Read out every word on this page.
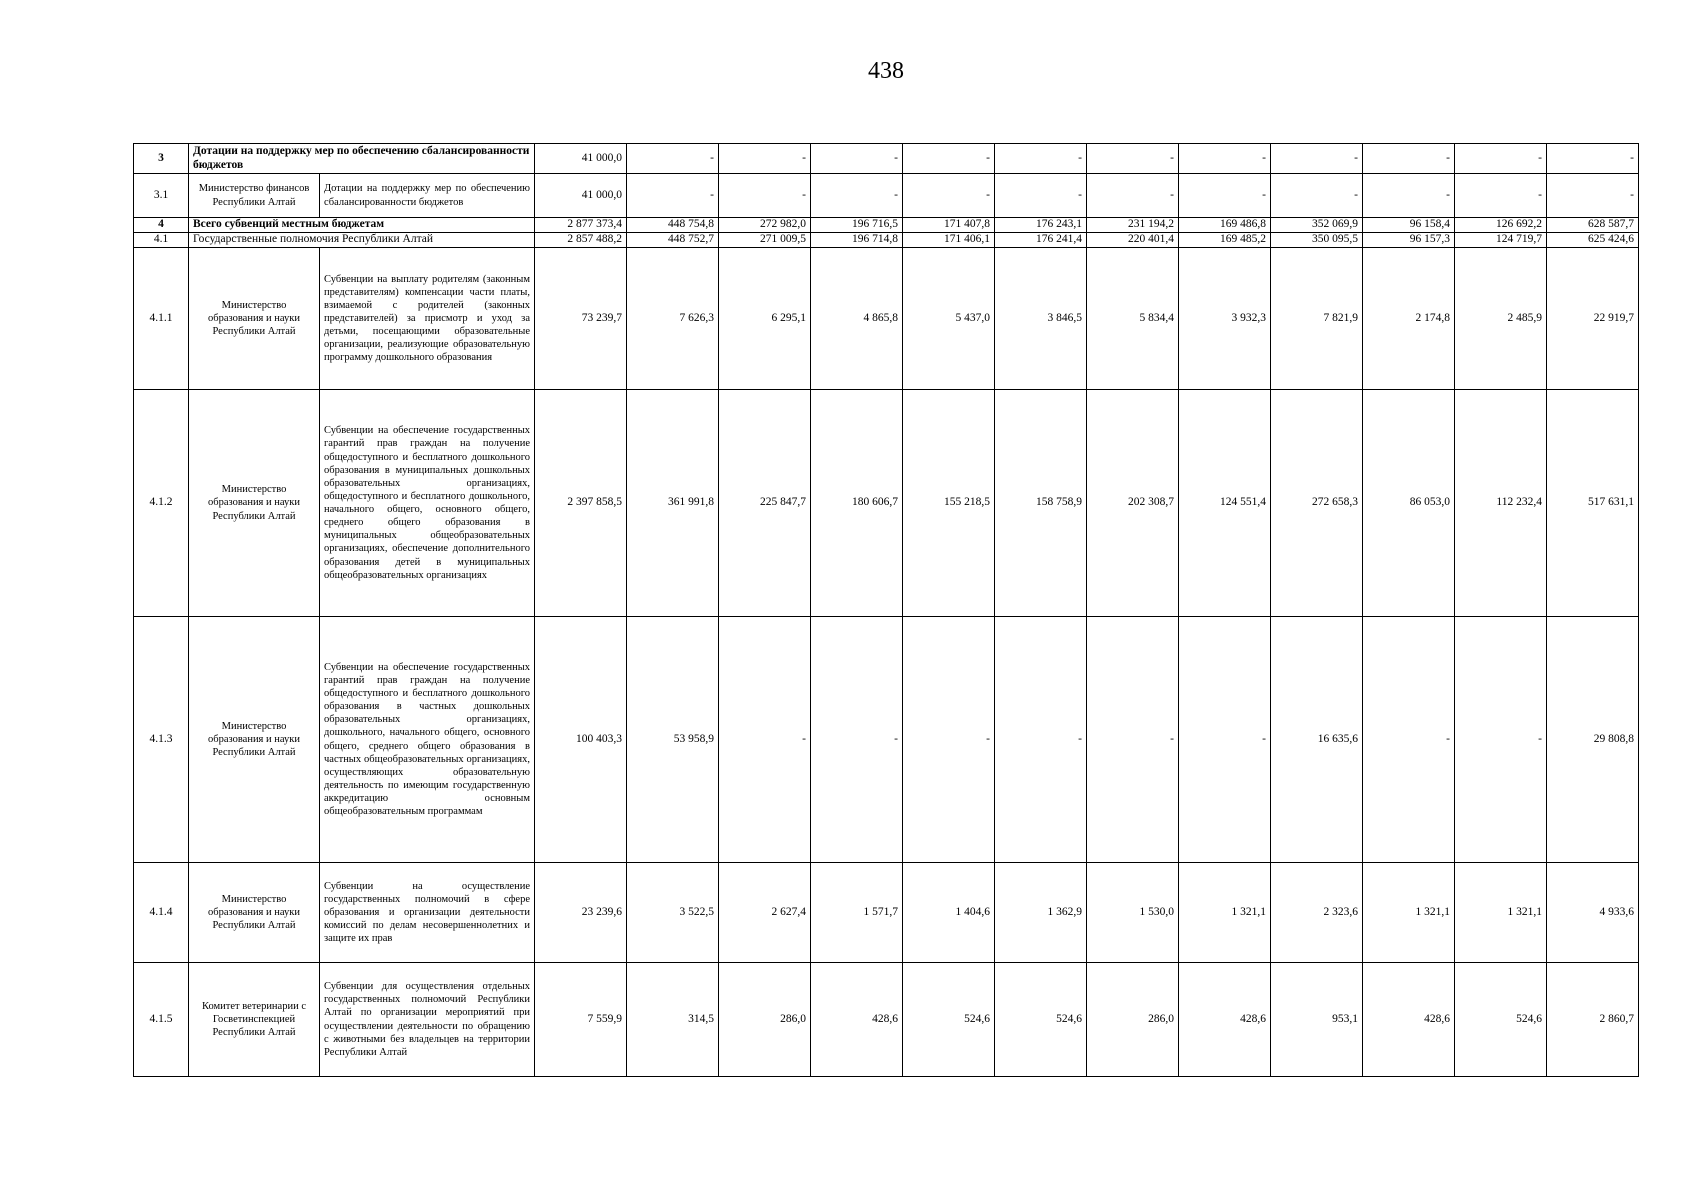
438
3	Дотации на поддержку мер по обеспечению сбалансированности бюджетов		41 000,0	-	-	-	-	-	-	-	-	-	-	-
3.1	Министерство финансов Республики Алтай	Дотации на поддержку мер по обеспечению сбалансированности бюджетов	41 000,0	-	-	-	-	-	-	-	-	-	-	-
4	Всего субвенций местным бюджетам		2 877 373,4	448 754,8	272 982,0	196 716,5	171 407,8	176 243,1	231 194,2	169 486,8	352 069,9	96 158,4	126 692,2	628 587,7
4.1	Государственные полномочия Республики Алтай		2 857 488,2	448 752,7	271 009,5	196 714,8	171 406,1	176 241,4	220 401,4	169 485,2	350 095,5	96 157,3	124 719,7	625 424,6
4.1.1	Министерство образования и науки Республики Алтай	Субвенции на выплату родителям (законным представителям) компенсации части платы, взимаемой с родителей (законных представителей) за присмотр и уход за детьми, посещающими образовательные организации, реализующие образовательную программу дошкольного образования	73 239,7	7 626,3	6 295,1	4 865,8	5 437,0	3 846,5	5 834,4	3 932,3	7 821,9	2 174,8	2 485,9	22 919,7
4.1.2	Министерство образования и науки Республики Алтай	Субвенции на обеспечение государственных гарантий прав граждан на получение общедоступного и бесплатного дошкольного образования в муниципальных дошкольных образовательных организациях, общедоступного и бесплатного дошкольного, начального общего, основного общего, среднего общего образования в муниципальных общеобразовательных организациях, обеспечение дополнительного образования детей в муниципальных общеобразовательных организациях	2 397 858,5	361 991,8	225 847,7	180 606,7	155 218,5	158 758,9	202 308,7	124 551,4	272 658,3	86 053,0	112 232,4	517 631,1
4.1.3	Министерство образования и науки Республики Алтай	Субвенции на обеспечение государственных гарантий прав граждан на получение общедоступного и бесплатного дошкольного образования в частных дошкольных образовательных организациях, дошкольного, начального общего, основного общего, среднего общего образования в частных общеобразовательных организациях, осуществляющих образовательную деятельность по имеющим государственную аккредитацию основным общеобразовательным программам	100 403,3	53 958,9	-	-	-	-	-	-	16 635,6	-	-	29 808,8
4.1.4	Министерство образования и науки Республики Алтай	Субвенции на осуществление государственных полномочий в сфере образования и организации деятельности комиссий по делам несовершеннолетних и защите их прав	23 239,6	3 522,5	2 627,4	1 571,7	1 404,6	1 362,9	1 530,0	1 321,1	2 323,6	1 321,1	1 321,1	4 933,6
4.1.5	Комитет ветеринарии с Госветинспекцией Республики Алтай	Субвенции для осуществления отдельных государственных полномочий Республики Алтай по организации мероприятий при осуществлении деятельности по обращению с животными без владельцев на территории Республики Алтай	7 559,9	314,5	286,0	428,6	524,6	524,6	286,0	428,6	953,1	428,6	524,6	2 860,7
